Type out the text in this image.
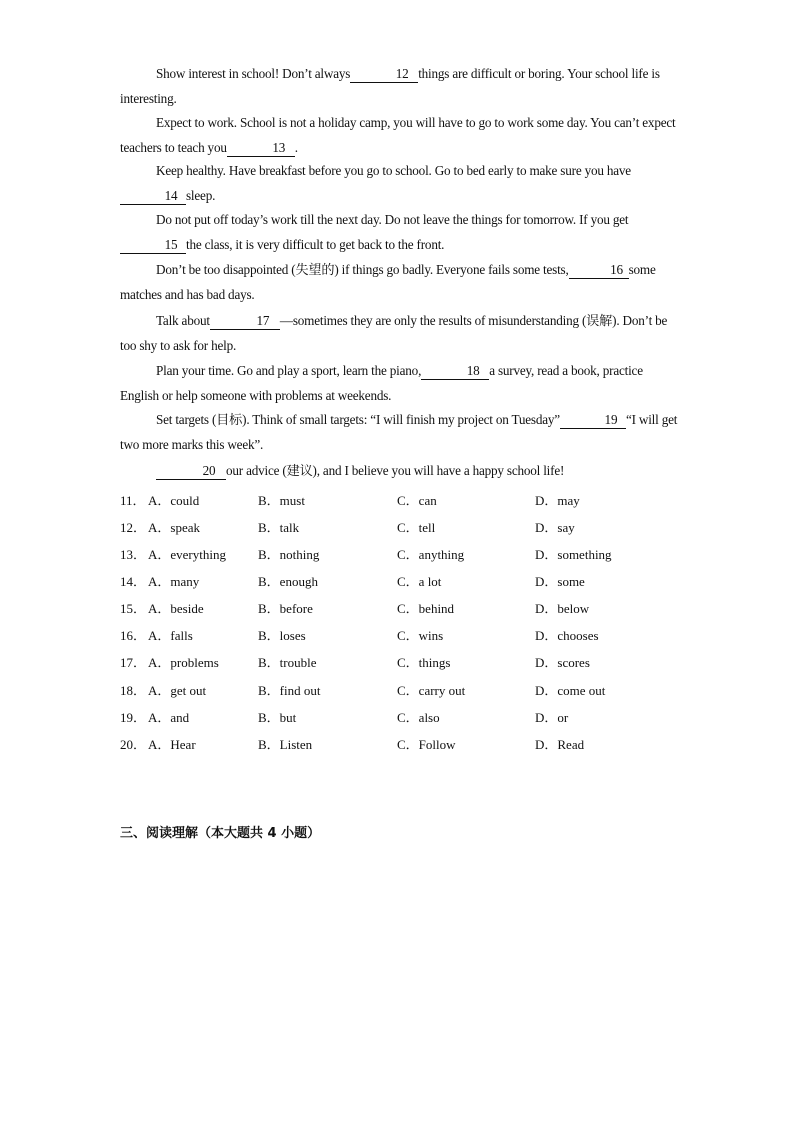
Show interest in school! Don’t always	12 things are difficult or boring. Your school life is interesting.
Expect to work. School is not a holiday camp, you will have to go to work some day. You can’t expect teachers to teach you	13 .
Keep healthy. Have breakfast before you go to school. Go to bed early to make sure you have14 sleep.
Do not put off today’s work till the next day. Do not leave the things for tomorrow. If you get15 the class, it is very difficult to get back to the front.
Don’t be too disappointed (失望的) if things go badly. Everyone fails some tests,	16 some matches and has bad days.
Talk about	17 —sometimes they are only the results of misunderstanding (误解). Don’t be too shy to ask for help.
Plan your time. Go and play a sport, learn the piano,	18 a survey, read a book, practice English or help someone with problems at weekends.
Set targets (目标). Think of small targets: “I will finish my project on Tuesday”	19 “I will get two more marks this week”.
20 our advice (建议), and I believe you will have a happy school life!
11． A．could	B．must	C．can	D．may
12． A．speak	B．talk	C．tell	D．say
13． A．everything B．nothing	C．anything	D．something
14． A．many	B．enough	C．a lot	D．some
15． A．beside	B．before	C．behind	D．below
16． A．falls	B．loses	C．wins	D．chooses
17． A．problems	B．trouble	C．things	D．scores
18． A．get out	B．find out	C．carry out	D．come out
19． A．and	B．but	C．also	D．or
20． A．Hear	B．Listen	C．Follow	D．Read
三、阅读理解（本大题共 4 小题）
